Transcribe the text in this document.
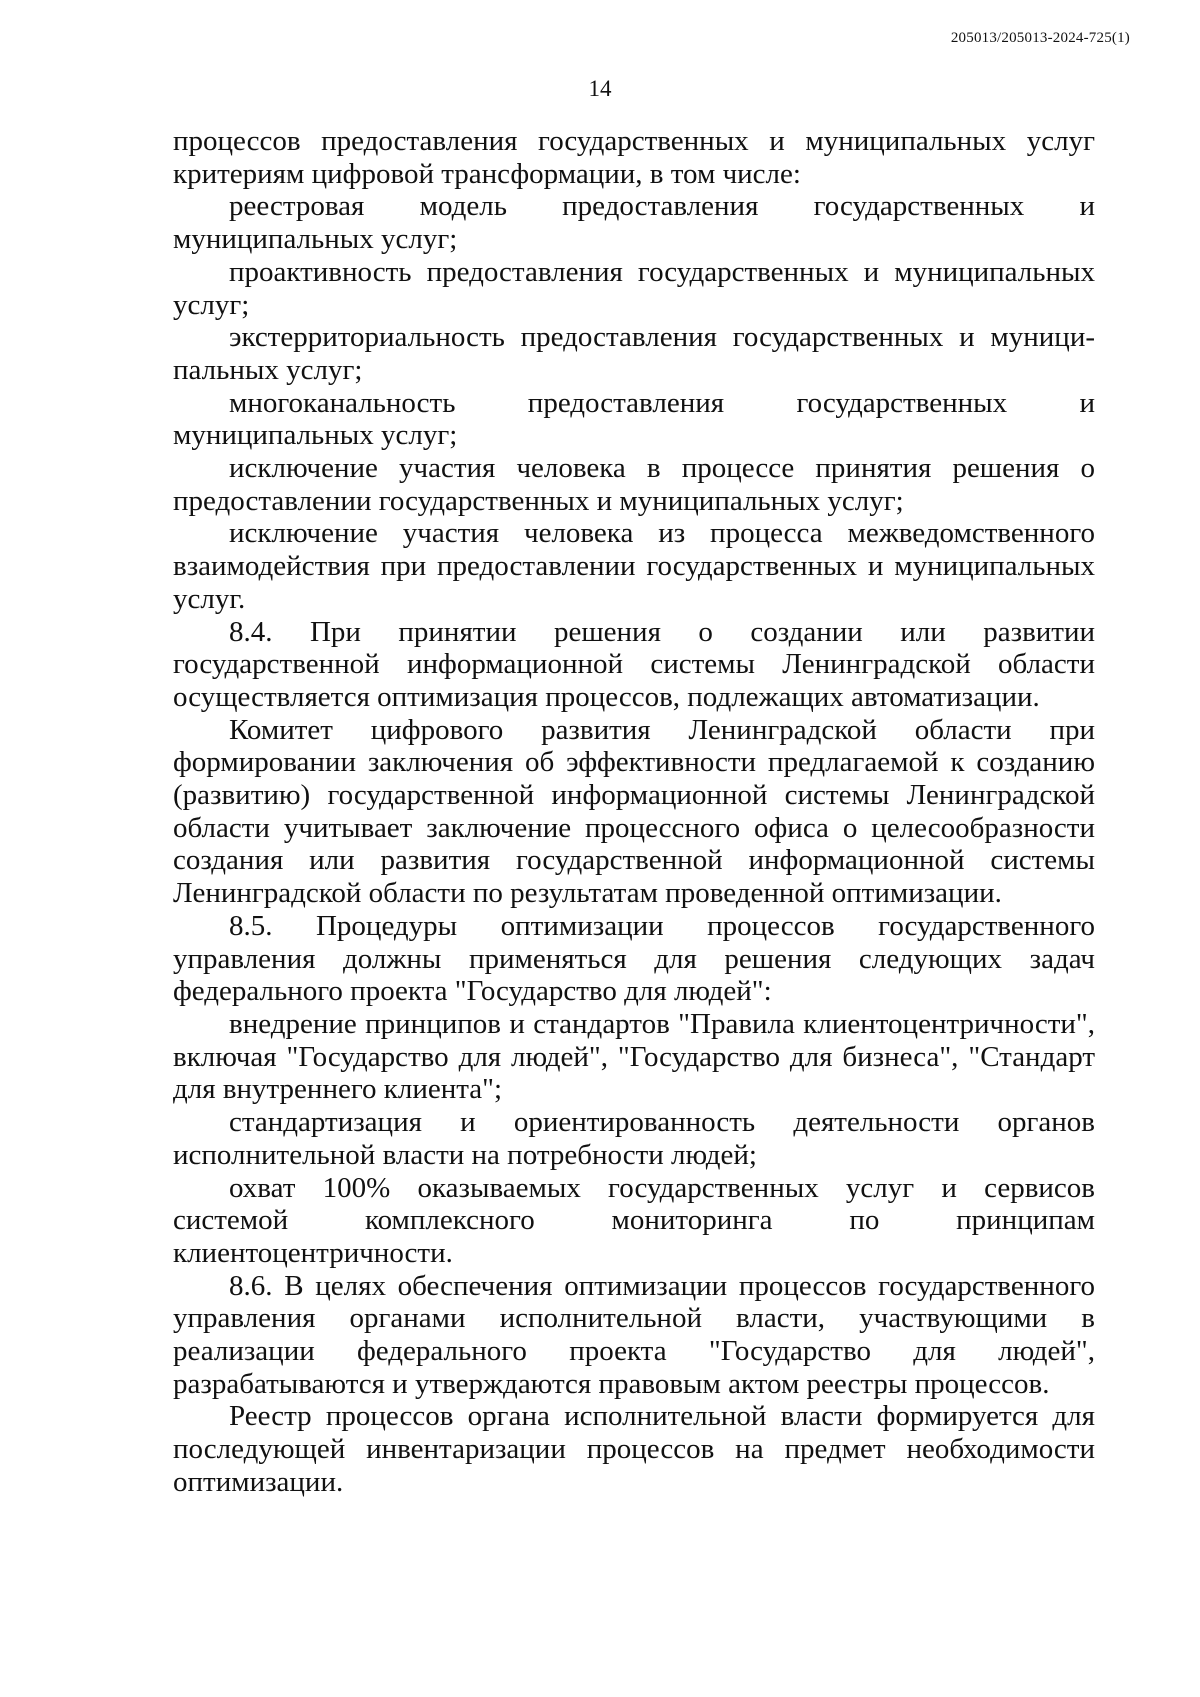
205013/205013-2024-725(1)
14

процессов предоставления государственных и муниципальных услуг критериям цифровой трансформации, в том числе:

реестровая модель предоставления государственных и муниципальных услуг;

проактивность предоставления государственных и муниципальных услуг;

экстерриториальность предоставления государственных и муници-пальных услуг;

многоканальность предоставления государственных и муниципальных услуг;

исключение участия человека в процессе принятия решения о предоставлении государственных и муниципальных услуг;

исключение участия человека из процесса межведомственного взаимодействия при предоставлении государственных и муниципальных услуг.

8.4. При принятии решения о создании или развитии государственной информационной системы Ленинградской области осуществляется оптимизация процессов, подлежащих автоматизации.

Комитет цифрового развития Ленинградской области при формировании заключения об эффективности предлагаемой к созданию (развитию) государственной информационной системы Ленинградской области учитывает заключение процессного офиса о целесообразности создания или развития государственной информационной системы Ленинградской области по результатам проведенной оптимизации.

8.5. Процедуры оптимизации процессов государственного управления должны применяться для решения следующих задач федерального проекта "Государство для людей":

внедрение принципов и стандартов "Правила клиентоцентричности", включая "Государство для людей", "Государство для бизнеса", "Стандарт для внутреннего клиента";

стандартизация и ориентированность деятельности органов исполнительной власти на потребности людей;

охват 100% оказываемых государственных услуг и сервисов системой комплексного мониторинга по принципам клиентоцентричности.

8.6. В целях обеспечения оптимизации процессов государственного управления органами исполнительной власти, участвующими в реализации федерального проекта "Государство для людей", разрабатываются и утверждаются правовым актом реестры процессов.

Реестр процессов органа исполнительной власти формируется для последующей инвентаризации процессов на предмет необходимости оптимизации.
